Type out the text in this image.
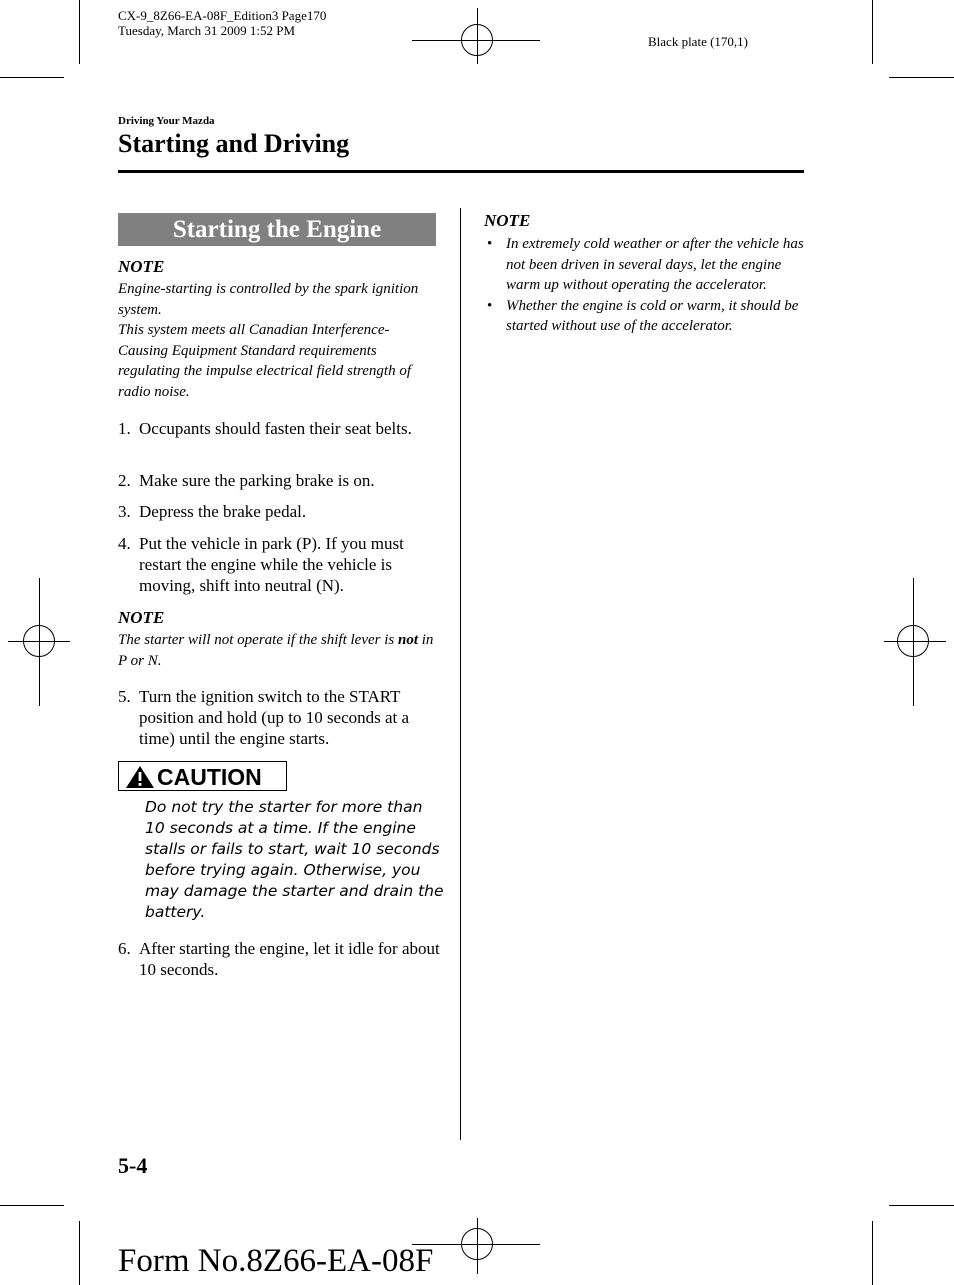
CX-9_8Z66-EA-08F_Edition3 Page170
Tuesday, March 31 2009 1:52 PM
Black plate (170,1)
Driving Your Mazda
Starting and Driving
Starting the Engine
NOTE
Engine-starting is controlled by the spark ignition system.
This system meets all Canadian Interference-Causing Equipment Standard requirements regulating the impulse electrical field strength of radio noise.
1. Occupants should fasten their seat belts.
2. Make sure the parking brake is on.
3. Depress the brake pedal.
4. Put the vehicle in park (P). If you must restart the engine while the vehicle is moving, shift into neutral (N).
NOTE
The starter will not operate if the shift lever is not in P or N.
5. Turn the ignition switch to the START position and hold (up to 10 seconds at a time) until the engine starts.
CAUTION
Do not try the starter for more than 10 seconds at a time. If the engine stalls or fails to start, wait 10 seconds before trying again. Otherwise, you may damage the starter and drain the battery.
6. After starting the engine, let it idle for about 10 seconds.
NOTE
• In extremely cold weather or after the vehicle has not been driven in several days, let the engine warm up without operating the accelerator.
• Whether the engine is cold or warm, it should be started without use of the accelerator.
5-4
Form No.8Z66-EA-08F
